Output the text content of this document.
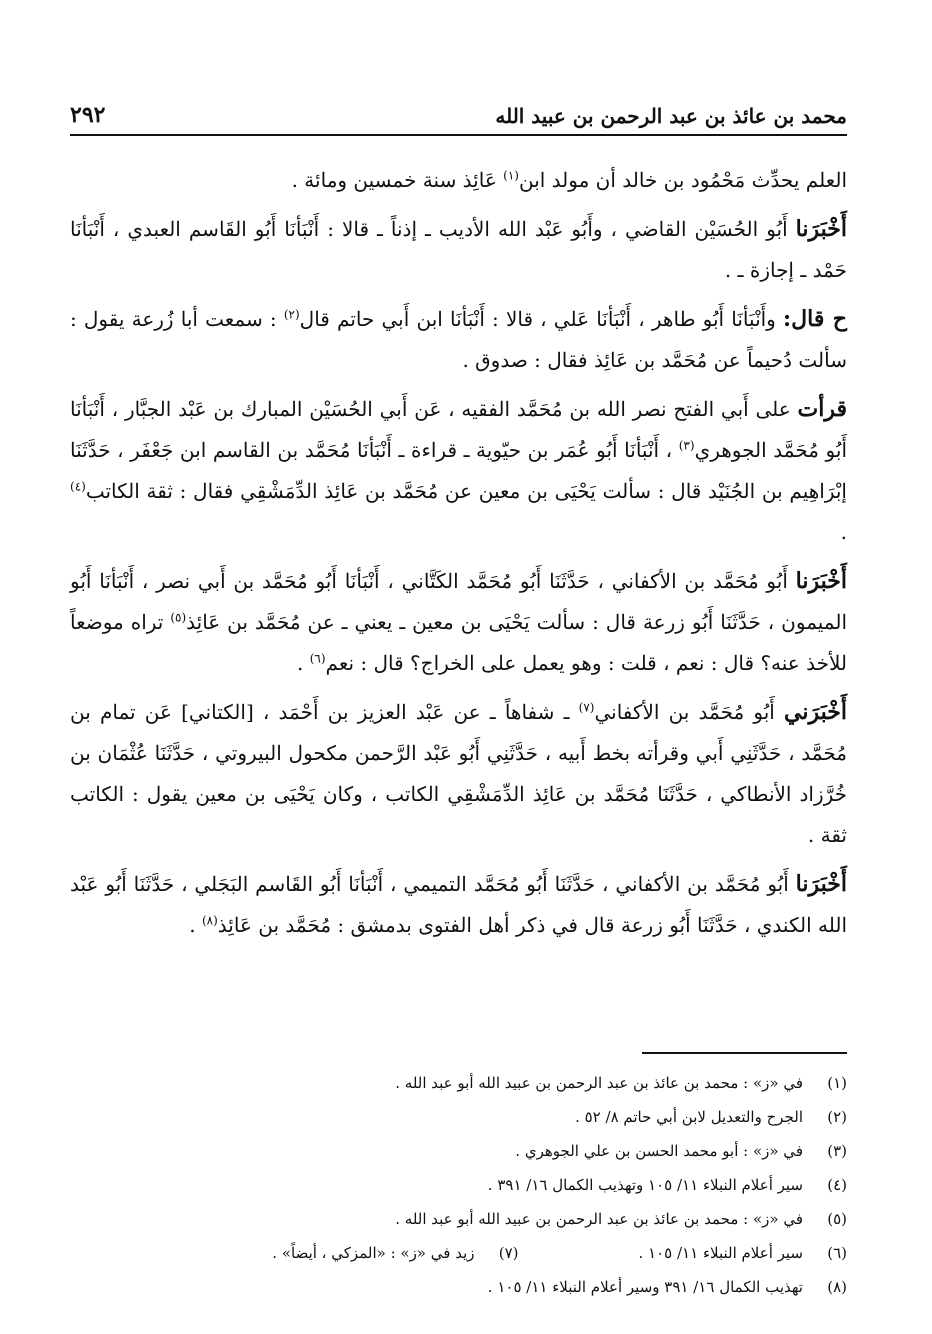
محمد بن عائذ بن عبد الرحمن بن عبيد الله
٢٩٢

العلم يحدِّث مَحْمُود بن خالد أن مولد ابن$^{(١)}$ عَائِذ سنة خمسين ومائة .

أَخْبَرَنا أَبُو الحُسَيْن القاضي ، وأَبُو عَبْد الله الأديب ـ إذناً ـ قالا : أَنْبَأنَا أَبُو القَاسم العبدي ، أَنْبَأنَا حَمْد ـ إجازة ـ .

ح قال: وأَنْبَأنَا أَبُو طاهر ، أَنْبَأنَا عَلي ، قالا : أَنْبَأنَا ابن أَبي حاتم قال$^{(٢)}$ : سمعت أبا زُرعة يقول : سألت دُحيماً عن مُحَمَّد بن عَائِذ فقال : صدوق .

قرأت على أَبي الفتح نصر الله بن مُحَمَّد الفقيه ، عَن أَبي الحُسَيْن المبارك بن عَبْد الجبَّار ، أَنْبَأنَا أَبُو مُحَمَّد الجوهري$^{(٣)}$ ، أَنْبَأنَا أَبُو عُمَر بن حيّوية ـ قراءة ـ أَنْبَأنَا مُحَمَّد بن القاسم ابن جَعْفَر ، حَدَّثَنَا إبْرَاهِيم بن الجُنَيْد قال : سألت يَحْيَى بن معين عن مُحَمَّد بن عَائِذ الدِّمَشْقِي فقال : ثقة الكاتب$^{(٤)}$ .

أَخْبَرَنا أَبُو مُحَمَّد بن الأكفاني ، حَدَّثَنَا أَبُو مُحَمَّد الكَتَّاني ، أَنْبَأنَا أَبُو مُحَمَّد بن أَبي نصر ، أَنْبَأنَا أَبُو الميمون ، حَدَّثَنَا أَبُو زرعة قال : سألت يَحْيَى بن معين ـ يعني ـ عن مُحَمَّد بن عَائِذ$^{(٥)}$ تراه موضعاً للأخذ عنه؟ قال : نعم ، قلت : وهو يعمل على الخراج؟ قال : نعم$^{(٦)}$ .

أَخْبَرَني أَبُو مُحَمَّد بن الأكفاني$^{(٧)}$ ـ شفاهاً ـ عن عَبْد العزيز بن أَحْمَد ، [الكتاني] عَن تمام بن مُحَمَّد ، حَدَّثَنِي أَبي وقرأته بخط أَبيه ، حَدَّثَنِي أَبُو عَبْد الرَّحمن مكحول البيروتي ، حَدَّثَنَا عُثْمَان بن خُرَّزاد الأنطاكي ، حَدَّثَنَا مُحَمَّد بن عَائِذ الدِّمَشْقِي الكاتب ، وكان يَحْيَى بن معين يقول : الكاتب ثقة .

أَخْبَرَنا أَبُو مُحَمَّد بن الأكفاني ، حَدَّثَنَا أَبُو مُحَمَّد التميمي ، أَنْبَأنَا أَبُو القَاسم البَجَلي ، حَدَّثَنَا أَبُو عَبْد الله الكندي ، حَدَّثَنَا أَبُو زرعة قال في ذكر أهل الفتوى بدمشق : مُحَمَّد بن عَائِذ$^{(٨)}$ .

(١)
في «ز» : محمد بن عائذ بن عبد الرحمن بن عبيد الله أبو عبد الله .
(٢)
الجرح والتعديل لابن أبي حاتم ٨/ ٥٢ .
(٣)
في «ز» : أبو محمد الحسن بن علي الجوهري .
(٤)
سير أعلام النبلاء ١١/ ١٠٥ وتهذيب الكمال ١٦/ ٣٩١ .
(٥)
في «ز» : محمد بن عائذ بن عبد الرحمن بن عبيد الله أبو عبد الله .
(٦)
سير أعلام النبلاء ١١/ ١٠٥ .
(٧)
زيد في «ز» : «المزكي ، أيضاً» .
(٨)
تهذيب الكمال ١٦/ ٣٩١ وسير أعلام النبلاء ١١/ ١٠٥ .
